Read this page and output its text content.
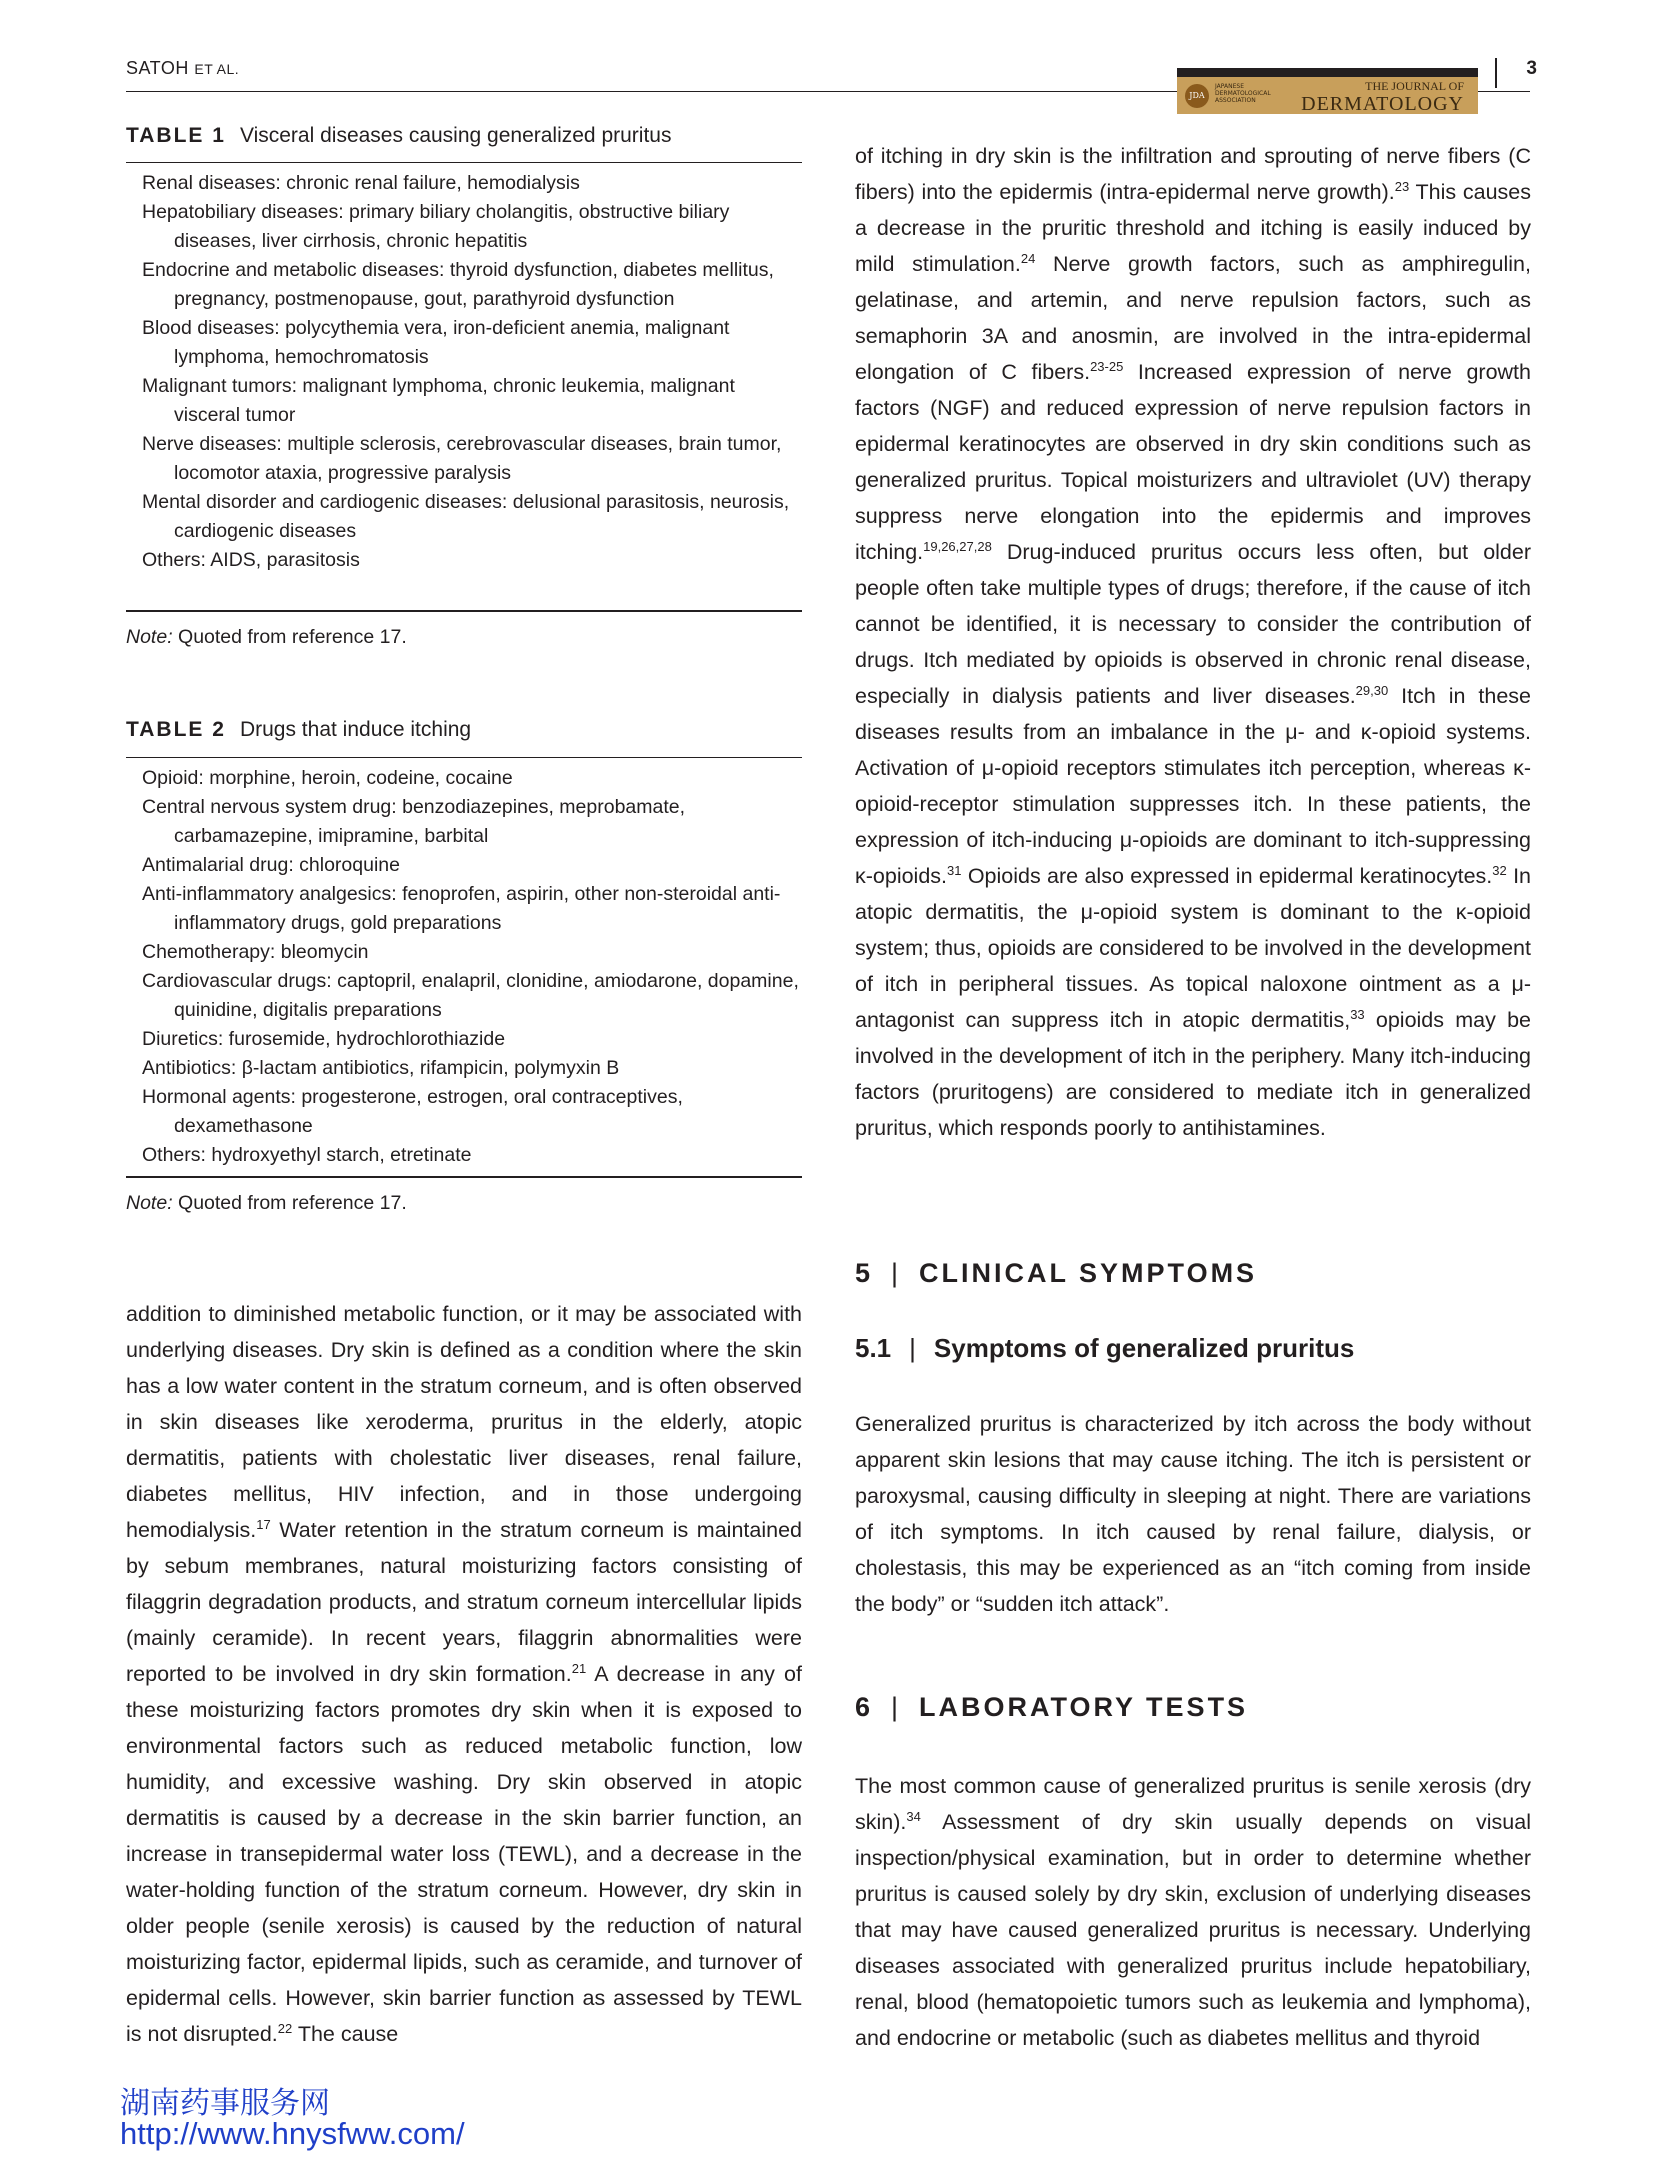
SATOH ET AL.	3
JDA
JAPANESE DERMATOLOGICAL ASSOCIATION
THE JOURNAL OF
DERMATOLOGY
TABLE 1 Visceral diseases causing generalized pruritus
Renal diseases: chronic renal failure, hemodialysis
Hepatobiliary diseases: primary biliary cholangitis, obstructive biliary diseases, liver cirrhosis, chronic hepatitis
Endocrine and metabolic diseases: thyroid dysfunction, diabetes mellitus, pregnancy, postmenopause, gout, parathyroid dysfunction
Blood diseases: polycythemia vera, iron-deficient anemia, malignant lymphoma, hemochromatosis
Malignant tumors: malignant lymphoma, chronic leukemia, malignant visceral tumor
Nerve diseases: multiple sclerosis, cerebrovascular diseases, brain tumor, locomotor ataxia, progressive paralysis
Mental disorder and cardiogenic diseases: delusional parasitosis, neurosis, cardiogenic diseases
Others: AIDS, parasitosis
Note: Quoted from reference 17.
TABLE 2 Drugs that induce itching
Opioid: morphine, heroin, codeine, cocaine
Central nervous system drug: benzodiazepines, meprobamate, carbamazepine, imipramine, barbital
Antimalarial drug: chloroquine
Anti-inflammatory analgesics: fenoprofen, aspirin, other non-steroidal anti-inflammatory drugs, gold preparations
Chemotherapy: bleomycin
Cardiovascular drugs: captopril, enalapril, clonidine, amiodarone, dopamine, quinidine, digitalis preparations
Diuretics: furosemide, hydrochlorothiazide
Antibiotics: β-lactam antibiotics, rifampicin, polymyxin B
Hormonal agents: progesterone, estrogen, oral contraceptives, dexamethasone
Others: hydroxyethyl starch, etretinate
Note: Quoted from reference 17.
addition to diminished metabolic function, or it may be associated with underlying diseases. Dry skin is defined as a condition where the skin has a low water content in the stratum corneum, and is often observed in skin diseases like xeroderma, pruritus in the elderly, atopic dermatitis, patients with cholestatic liver diseases, renal failure, diabetes mellitus, HIV infection, and in those undergoing hemodialysis.$^{17}$ Water retention in the stratum corneum is maintained by sebum membranes, natural moisturizing factors consisting of filaggrin degradation products, and stratum corneum intercellular lipids (mainly ceramide). In recent years, filaggrin abnormalities were reported to be involved in dry skin formation.$^{21}$ A decrease in any of these moisturizing factors promotes dry skin when it is exposed to environmental factors such as reduced metabolic function, low humidity, and excessive washing. Dry skin observed in atopic dermatitis is caused by a decrease in the skin barrier function, an increase in transepidermal water loss (TEWL), and a decrease in the water-holding function of the stratum corneum. However, dry skin in older people (senile xerosis) is caused by the reduction of natural moisturizing factor, epidermal lipids, such as ceramide, and turnover of epidermal cells. However, skin barrier function as assessed by TEWL is not disrupted.$^{22}$ The cause
of itching in dry skin is the infiltration and sprouting of nerve fibers (C fibers) into the epidermis (intra-epidermal nerve growth).$^{23}$ This causes a decrease in the pruritic threshold and itching is easily induced by mild stimulation.$^{24}$ Nerve growth factors, such as amphiregulin, gelatinase, and artemin, and nerve repulsion factors, such as semaphorin 3A and anosmin, are involved in the intra-epidermal elongation of C fibers.$^{23-25}$ Increased expression of nerve growth factors (NGF) and reduced expression of nerve repulsion factors in epidermal keratinocytes are observed in dry skin conditions such as generalized pruritus. Topical moisturizers and ultraviolet (UV) therapy suppress nerve elongation into the epidermis and improves itching.$^{19,26,27,28}$ Drug-induced pruritus occurs less often, but older people often take multiple types of drugs; therefore, if the cause of itch cannot be identified, it is necessary to consider the contribution of drugs. Itch mediated by opioids is observed in chronic renal disease, especially in dialysis patients and liver diseases.$^{29,30}$ Itch in these diseases results from an imbalance in the μ- and κ-opioid systems. Activation of μ-opioid receptors stimulates itch perception, whereas κ-opioid-receptor stimulation suppresses itch. In these patients, the expression of itch-inducing μ-opioids are dominant to itch-suppressing κ-opioids.$^{31}$ Opioids are also expressed in epidermal keratinocytes.$^{32}$ In atopic dermatitis, the μ-opioid system is dominant to the κ-opioid system; thus, opioids are considered to be involved in the development of itch in peripheral tissues. As topical naloxone ointment as a μ-antagonist can suppress itch in atopic dermatitis,$^{33}$ opioids may be involved in the development of itch in the periphery. Many itch-inducing factors (pruritogens) are considered to mediate itch in generalized pruritus, which responds poorly to antihistamines.
5 | CLINICAL SYMPTOMS
5.1 | Symptoms of generalized pruritus
Generalized pruritus is characterized by itch across the body without apparent skin lesions that may cause itching. The itch is persistent or paroxysmal, causing difficulty in sleeping at night. There are variations of itch symptoms. In itch caused by renal failure, dialysis, or cholestasis, this may be experienced as an “itch coming from inside the body” or “sudden itch attack”.
6 | LABORATORY TESTS
The most common cause of generalized pruritus is senile xerosis (dry skin).$^{34}$ Assessment of dry skin usually depends on visual inspection/physical examination, but in order to determine whether pruritus is caused solely by dry skin, exclusion of underlying diseases that may have caused generalized pruritus is necessary. Underlying diseases associated with generalized pruritus include hepatobiliary, renal, blood (hematopoietic tumors such as leukemia and lymphoma), and endocrine or metabolic (such as diabetes mellitus and thyroid
湖南药事服务网
http://www.hnysfww.com/
